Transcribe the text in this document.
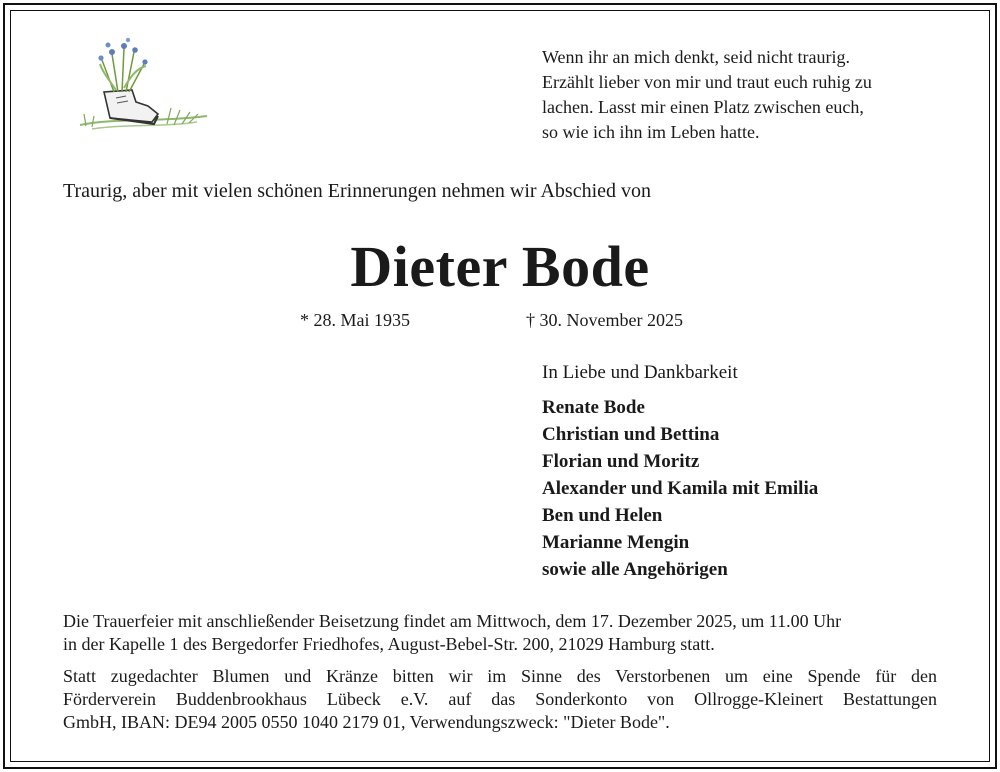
Wenn ihr an mich denkt, seid nicht traurig.
Erzählt lieber von mir und traut euch ruhig zu
lachen. Lasst mir einen Platz zwischen euch,
so wie ich ihn im Leben hatte.
Traurig, aber mit vielen schönen Erinnerungen nehmen wir Abschied von
Dieter Bode
* 28. Mai 1935	† 30. November 2025
In Liebe und Dankbarkeit
Renate Bode
Christian und Bettina
Florian und Moritz
Alexander und Kamila mit Emilia
Ben und Helen
Marianne Mengin
sowie alle Angehörigen
Die Trauerfeier mit anschließender Beisetzung findet am Mittwoch, dem 17. Dezember 2025, um 11.00 Uhr
in der Kapelle 1 des Bergedorfer Friedhofes, August-Bebel-Str. 200, 21029 Hamburg statt.
Statt zugedachter Blumen und Kränze bitten wir im Sinne des Verstorbenen um eine Spende für den
Förderverein Buddenbrookhaus Lübeck e.V. auf das Sonderkonto von Ollrogge-Kleinert Bestattungen
GmbH, IBAN: DE94 2005 0550 1040 2179 01, Verwendungszweck: "Dieter Bode".
